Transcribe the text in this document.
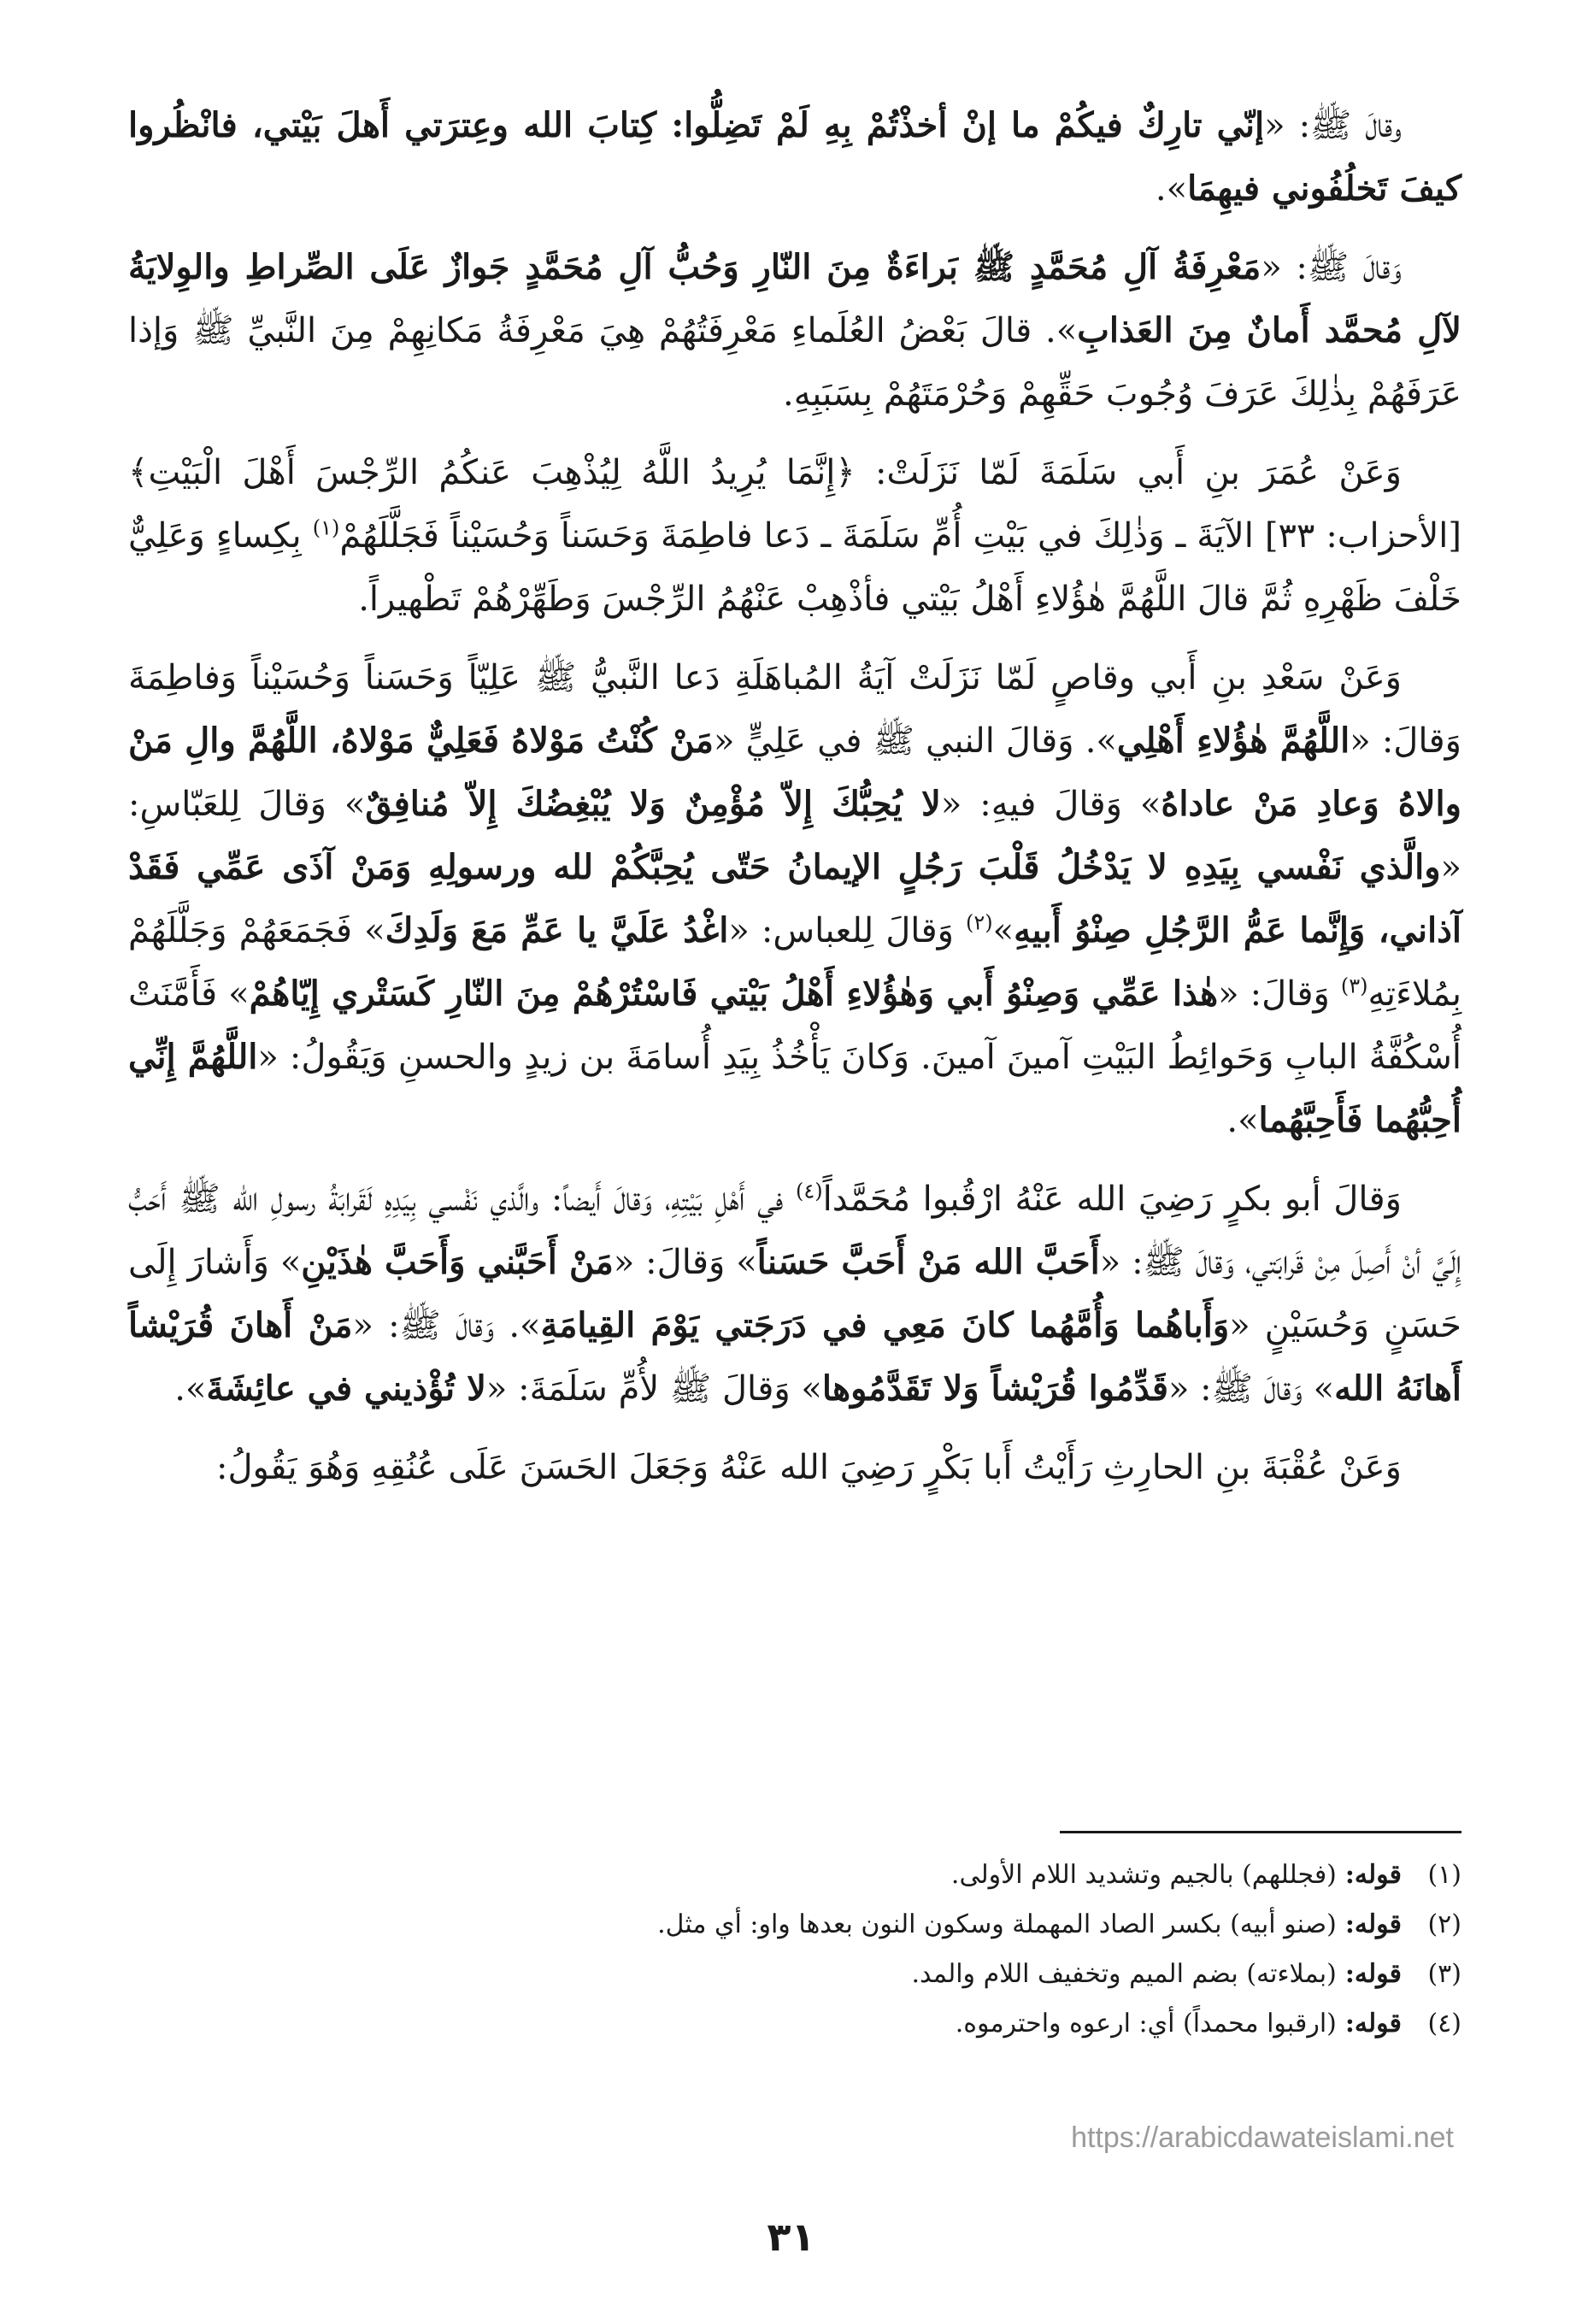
وقالَ ﷺ: «إنّي تارِكٌ فيكُمْ ما إنْ أخذْتُمْ بِهِ لَمْ تَضِلُّوا: كِتابَ الله وعِترَتي أَهلَ بَيْتي، فانْظُروا كيفَ تَخلُفُوني فيهِمَا».

وَقالَ ﷺ: «مَعْرِفَةُ آلِ مُحَمَّدٍ ﷺ بَراءَةٌ مِنَ النّارِ وَحُبُّ آلِ مُحَمَّدٍ جَوازٌ عَلَى الصِّراطِ والوِلايَةُ لآلِ مُحمَّد أَمانٌ مِنَ العَذابِ». قالَ بَعْضُ العُلَماءِ مَعْرِفَتُهُمْ هِيَ مَعْرِفَةُ مَكانِهِمْ مِنَ النَّبيِّ ﷺ وَإذا عَرَفَهُمْ بِذٰلِكَ عَرَفَ وُجُوبَ حَقِّهِمْ وَحُرْمَتَهُمْ بِسَبَبِهِ.

وَعَنْ عُمَرَ بنِ أَبي سَلَمَةَ لَمّا نَزَلَتْ: ﴿إِنَّمَا يُرِيدُ اللَّهُ لِيُذْهِبَ عَنكُمُ الرِّجْسَ أَهْلَ الْبَيْتِ﴾ [الأحزاب: ٣٣] الآيَةَ ـ وَذٰلِكَ في بَيْتِ أُمِّ سَلَمَةَ ـ دَعا فاطِمَةَ وَحَسَناً وَحُسَيْناً فَجَلَّلَهُمْ$^{(١)}$ بِكِساءٍ وَعَلِيٌّ خَلْفَ ظَهْرِهِ ثُمَّ قالَ اللَّهُمَّ هٰؤُلاءِ أَهْلُ بَيْتي فأذْهِبْ عَنْهُمُ الرِّجْسَ وَطَهِّرْهُمْ تَطْهيراً.

وَعَنْ سَعْدِ بنِ أَبي وقاصٍ لَمّا نَزَلَتْ آيَةُ المُباهَلَةِ دَعا النَّبيُّ ﷺ عَلِيّاً وَحَسَناً وَحُسَيْناً وَفاطِمَةَ وَقالَ: «اللَّهُمَّ هٰؤُلاءِ أَهْلِي». وَقالَ النبي ﷺ في عَلِيٍّ «مَنْ كُنْتُ مَوْلاهُ فَعَلِيٌّ مَوْلاهُ، اللَّهُمَّ والِ مَنْ والاهُ وَعادِ مَنْ عاداهُ» وَقالَ فيهِ: «لا يُحِبُّكَ إِلاّ مُؤْمِنٌ وَلا يُبْغِضُكَ إِلاّ مُنافِقٌ» وَقالَ لِلعَبّاسِ: «والَّذي نَفْسي بِيَدِهِ لا يَدْخُلُ قَلْبَ رَجُلٍ الإيمانُ حَتّى يُحِبَّكُمْ لله ورسولِهِ وَمَنْ آذَى عَمِّي فَقَدْ آذاني، وَإِنَّما عَمُّ الرَّجُلِ صِنْوُ أَبيهِ»$^{(٢)}$ وَقالَ لِلعباس: «اغْدُ عَلَيَّ يا عَمِّ مَعَ وَلَدِكَ» فَجَمَعَهُمْ وَجَلَّلَهُمْ بِمُلاءَتِهِ$^{(٣)}$ وَقالَ: «هٰذا عَمِّي وَصِنْوُ أَبي وَهٰؤُلاءِ أَهْلُ بَيْتي فَاسْتُرْهُمْ مِنَ النّارِ كَسَتْري إِيّاهُمْ» فَأَمَّنَتْ أُسْكُفَّةُ البابِ وَحَوائِطُ البَيْتِ آمينَ آمينَ. وَكانَ يَأْخُذُ بِيَدِ أُسامَةَ بن زيدٍ والحسنِ وَيَقُولُ: «اللَّهُمَّ إِنِّي أُحِبُّهُما فَأَحِبَّهُما».

وَقالَ أبو بكرٍ رَضِيَ الله عَنْهُ ارْقُبوا مُحَمَّداً$^{(٤)}$ في أَهْلِ بَيْتِهِ، وَقالَ أَيضاً: والَّذي نَفْسي بِيَدِهِ لَقَرابَةُ رسولِ الله ﷺ أَحَبُّ إِلَيَّ أنْ أَصِلَ مِنْ قَرابَتي، وَقالَ ﷺ: «أَحَبَّ الله مَنْ أَحَبَّ حَسَناً» وَقالَ: «مَنْ أَحَبَّني وَأَحَبَّ هٰذَيْنِ» وَأَشارَ إِلَى حَسَنٍ وَحُسَيْنٍ «وَأَباهُما وَأُمَّهُما كانَ مَعِي في دَرَجَتي يَوْمَ القِيامَةِ». وَقالَ ﷺ: «مَنْ أَهانَ قُرَيْشاً أَهانَهُ الله» وَقالَ ﷺ: «قَدِّمُوا قُرَيْشاً وَلا تَقَدَّمُوها» وَقالَ ﷺ لأُمِّ سَلَمَةَ: «لا تُؤْذيني في عائِشَةَ».

وَعَنْ عُقْبَةَ بنِ الحارِثِ رَأَيْتُ أَبا بَكْرٍ رَضِيَ الله عَنْهُ وَجَعَلَ الحَسَنَ عَلَى عُنُقِهِ وَهُوَ يَقُولُ:

(١)قوله:(فجللهم) بالجيم وتشديد اللام الأولى.

(٢)قوله:(صنو أبيه) بكسر الصاد المهملة وسكون النون بعدها واو: أي مثل.

(٣)قوله:(بملاءته) بضم الميم وتخفيف اللام والمد.

(٤)قوله:(ارقبوا محمداً) أي: ارعوه واحترموه.

https://arabicdawateislami.net
٣١
